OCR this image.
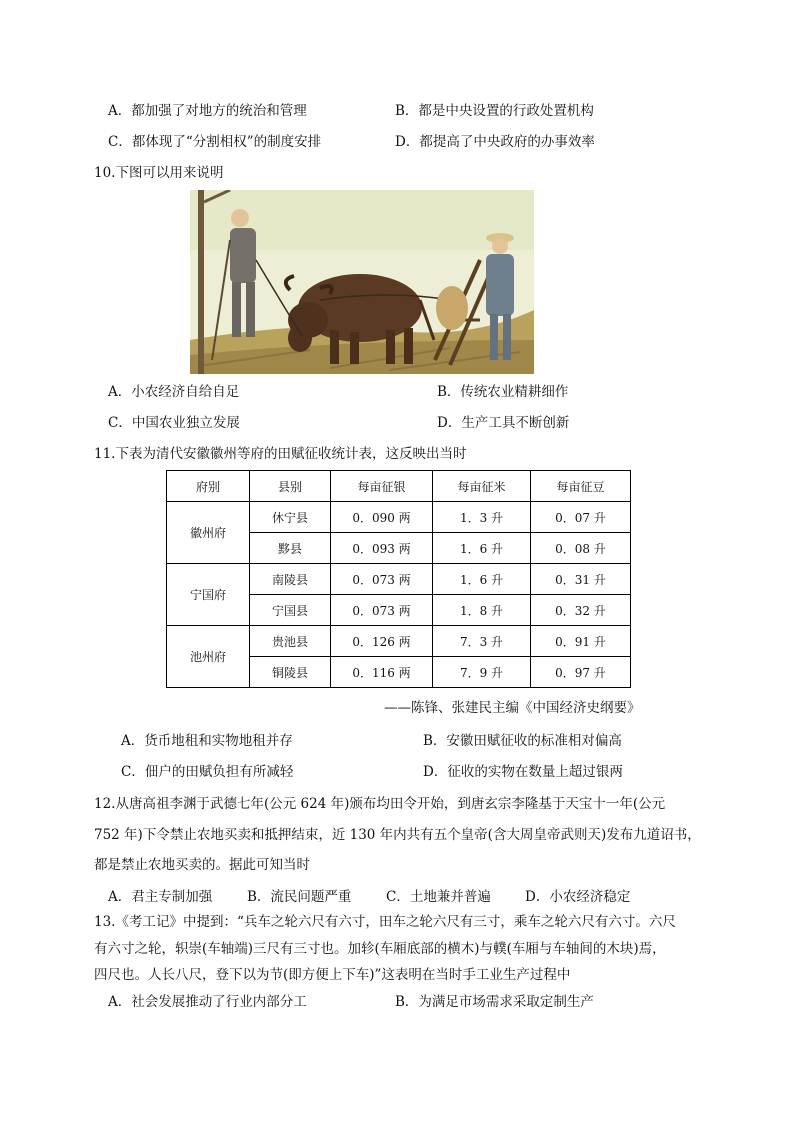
A．都加强了对地方的统治和管理	B．都是中央设置的行政处置机构
C．都体现了“分割相权”的制度安排	D．都提高了中央政府的办事效率
10.下图可以用来说明
A．小农经济自给自足	B．传统农业精耕细作
C．中国农业独立发展	D．生产工具不断创新
11.下表为清代安徽徽州等府的田赋征收统计表，这反映出当时
府别	县别	每亩征银	每亩征米	每亩征豆
徽州府	休宁县	0．090 两	1．3 升	0．07 升
	黟县	0．093 两	1．6 升	0．08 升
宁国府	南陵县	0．073 两	1．6 升	0．31 升
	宁国县	0．073 两	1．8 升	0．32 升
池州府	贵池县	0．126 两	7．3 升	0．91 升
	铜陵县	0．116 两	7．9 升	0．97 升
——陈锋、张建民主编《中国经济史纲要》
A．货币地租和实物地租并存	B．安徽田赋征收的标准相对偏高
C．佃户的田赋负担有所减轻	D．征收的实物在数量上超过银两
12.从唐高祖李渊于武德七年(公元 624 年)颁布均田令开始，到唐玄宗李隆基于天宝十一年(公元
752 年)下令禁止农地买卖和抵押结束，近 130 年内共有五个皇帝(含大周皇帝武则天)发布九道诏书，
都是禁止农地买卖的。据此可知当时
A．君主专制加强	B．流民问题严重	C．土地兼并普遍	D．小农经济稳定
13.《考工记》中提到：“兵车之轮六尺有六寸，田车之轮六尺有三寸，乘车之轮六尺有六寸。六尺
有六寸之轮，轵崇(车轴端)三尺有三寸也。加轸(车厢底部的横木)与轐(车厢与车轴间的木块)焉，
四尺也。人长八尺，登下以为节(即方便上下车)”这表明在当时手工业生产过程中
A．社会发展推动了行业内部分工	B．为满足市场需求采取定制生产
